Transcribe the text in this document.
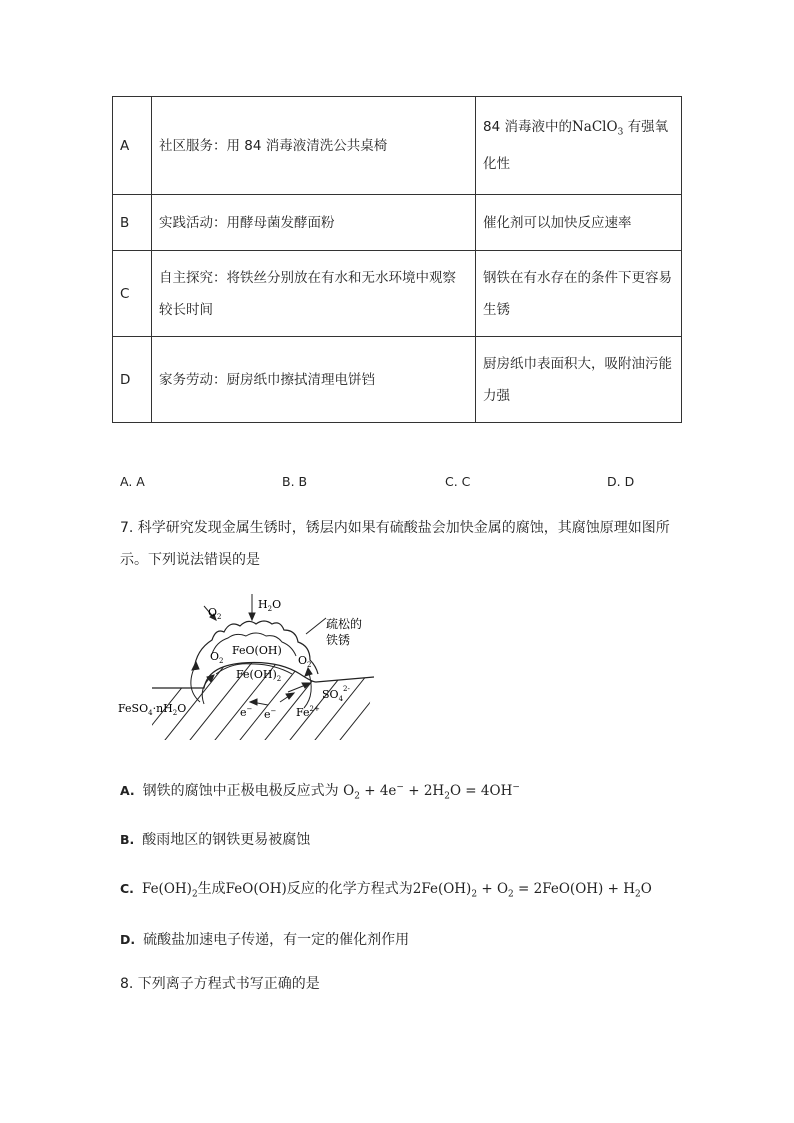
A	社区服务：用 84 消毒液清洗公共桌椅	84 消毒液中的NaClO$_3$ 有强氧化性
B	实践活动：用酵母菌发酵面粉	催化剂可以加快反应速率
C	自主探究：将铁丝分别放在有水和无水环境中观察较长时间	钢铁在有水存在的条件下更容易生锈
D	家务劳动：厨房纸巾擦拭清理电饼铛	厨房纸巾表面积大，吸附油污能力强
A. A	B. B	C. C	D. D
7. 科学研究发现金属生锈时，锈层内如果有硫酸盐会加快金属的腐蚀，其腐蚀原理如图所示。下列说法错误的是
$O_2$
$H_2O$
疏松的
铁锈
FeO(OH)
$O_2$	$O_2$
$Fe(OH)_2$
$SO_4^{2-}$
$FeSO_4\cdot nH_2O$	e− e− $Fe^{2+}$
A. 钢铁的腐蚀中正极电极反应式为 $O_2 + 4e^- + 2H_2O = 4OH^-$
B. 酸雨地区的钢铁更易被腐蚀
C. $Fe(OH)_2$生成FeO(OH)反应的化学方程式为$2Fe(OH)_2 + O_2 = 2FeO(OH) + H_2O$
D. 硫酸盐加速电子传递，有一定的催化剂作用
8. 下列离子方程式书写正确的是
